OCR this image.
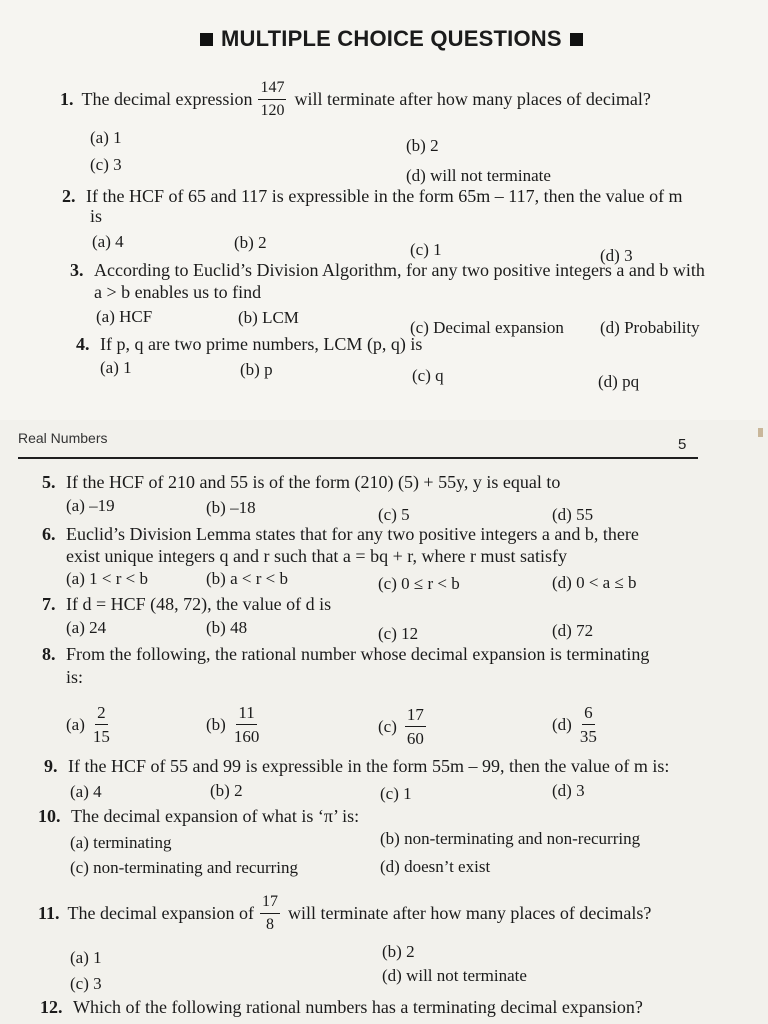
MULTIPLE CHOICE QUESTIONS
1. The decimal expression $\frac{147}{120}$ will terminate after how many places of decimal?
(a) 1	(b) 2
(c) 3
(d) will not terminate
2. If the HCF of 65 and 117 is expressible in the form 65m – 117, then the value of m
is
(a) 4	(b) 2	(c) 1	(d) 3
3. According to Euclid’s Division Algorithm, for any two positive integers a and b with
a > b enables us to find
(a) HCF	(b) LCM
(c) Decimal expansion (d) Probability
4. If p, q are two prime numbers, LCM (p, q) is
(a) 1	(b) p	(c) q	(d) pq
Real Numbers	5
5. If the HCF of 210 and 55 is of the form (210) (5) + 55y, y is equal to
(a) –19	(b) –18	(c) 5	(d) 55
6. Euclid’s Division Lemma states that for any two positive integers a and b, there
exist unique integers q and r such that a = bq + r, where r must satisfy
(a) 1 < r < b	(b) a < r < b	(c) 0 ≤ r < b	(d) 0 < a ≤ b
7. If d = HCF (48, 72), the value of d is
(a) 24	(b) 48	(c) 12	(d) 72
8. From the following, the rational number whose decimal expansion is terminating
is:
$(a) \frac{2}{15}$	$(b) \frac{11}{160}$	$(c) \frac{17}{60}$	$(d) \frac{6}{35}$
9. If the HCF of 55 and 99 is expressible in the form 55m – 99, then the value of m is:
(a) 4	(b) 2	(c) 1	(d) 3
10. The decimal expansion of what is ‘π’ is:
(a) terminating	(b) non-terminating and non-recurring
(c) non-terminating and recurring	(d) doesn’t exist
11. The decimal expansion of $\frac{17}{8}$ will terminate after how many places of decimals?
(a) 1	(b) 2
(c) 3	(d) will not terminate
12. Which of the following rational numbers has a terminating decimal expansion?
